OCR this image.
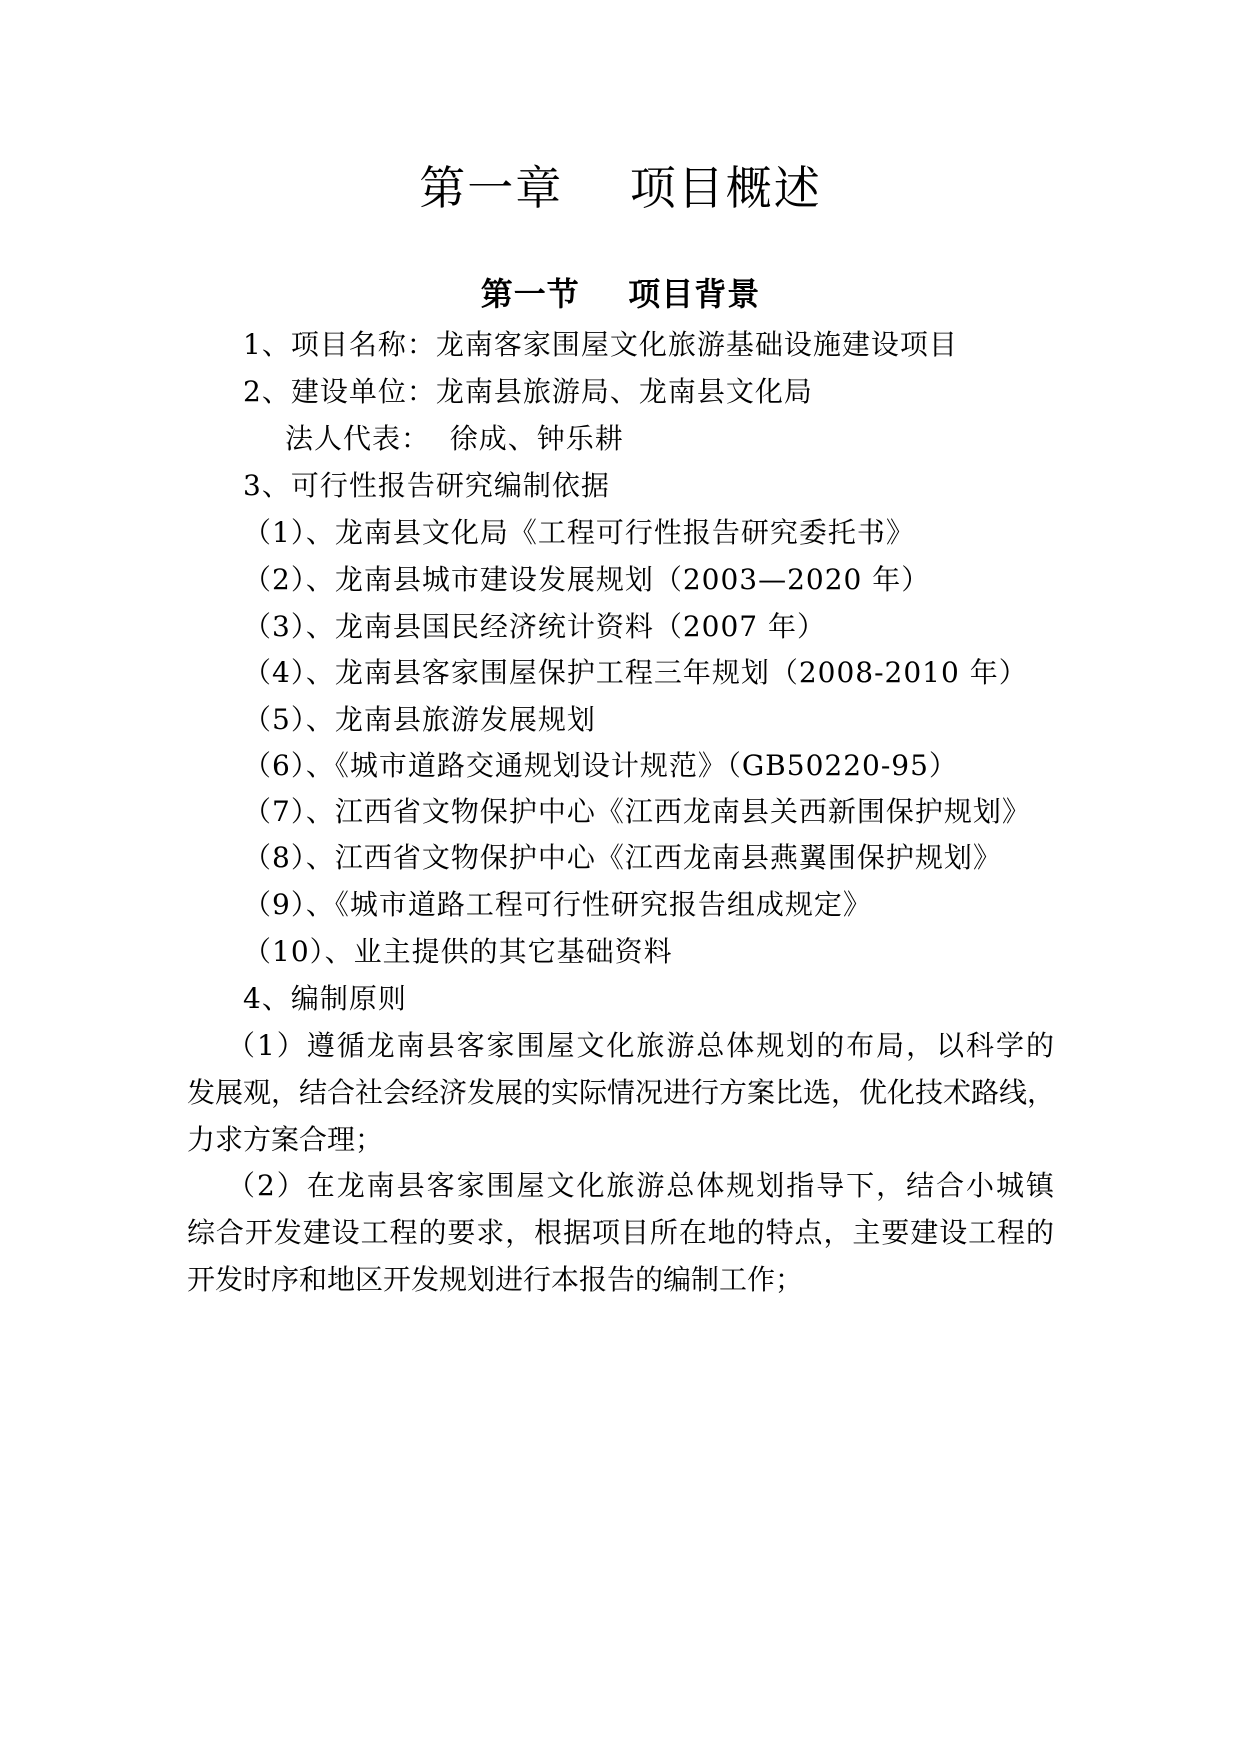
第一章    项目概述
第一节    项目背景
1、项目名称：龙南客家围屋文化旅游基础设施建设项目
2、建设单位：龙南县旅游局、龙南县文化局
法人代表：  徐成、钟乐耕
3、可行性报告研究编制依据
（1）、龙南县文化局《工程可行性报告研究委托书》
（2）、龙南县城市建设发展规划（2003—2020 年）
（3）、龙南县国民经济统计资料（2007 年）
（4）、龙南县客家围屋保护工程三年规划（2008-2010 年）
（5）、龙南县旅游发展规划
（6）、《城市道路交通规划设计规范》（GB50220-95）
（7）、江西省文物保护中心《江西龙南县关西新围保护规划》
（8）、江西省文物保护中心《江西龙南县燕翼围保护规划》
（9）、《城市道路工程可行性研究报告组成规定》
（10）、业主提供的其它基础资料
4、编制原则
（1）遵循龙南县客家围屋文化旅游总体规划的布局，以科学的
发展观，结合社会经济发展的实际情况进行方案比选，优化技术路线，
力求方案合理；
（2）在龙南县客家围屋文化旅游总体规划指导下，结合小城镇
综合开发建设工程的要求，根据项目所在地的特点，主要建设工程的
开发时序和地区开发规划进行本报告的编制工作；
